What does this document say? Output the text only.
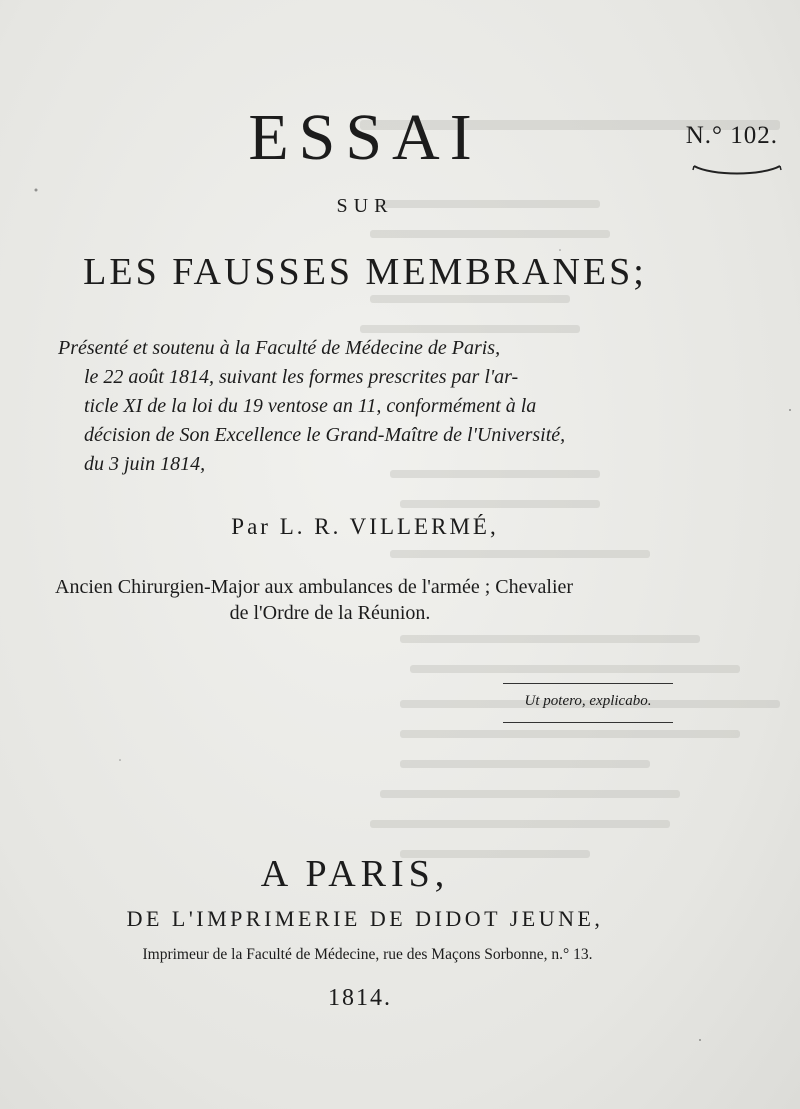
N.° 102.
ESSAI
SUR
LES FAUSSES MEMBRANES;
Présenté et soutenu à la Faculté de Médecine de Paris,
le 22 août 1814, suivant les formes prescrites par l'ar-
ticle XI de la loi du 19 ventose an 11, conformément à la
décision de Son Excellence le Grand-Maître de l'Université,
du 3 juin 1814,
Par L. R. VILLERMÉ,
Ancien Chirurgien-Major aux ambulances de l'armée ; Chevalier
de l'Ordre de la Réunion.
Ut potero, explicabo.
A PARIS,
DE L'IMPRIMERIE DE DIDOT JEUNE,
Imprimeur de la Faculté de Médecine, rue des Maçons Sorbonne, n.° 13.
1814.
